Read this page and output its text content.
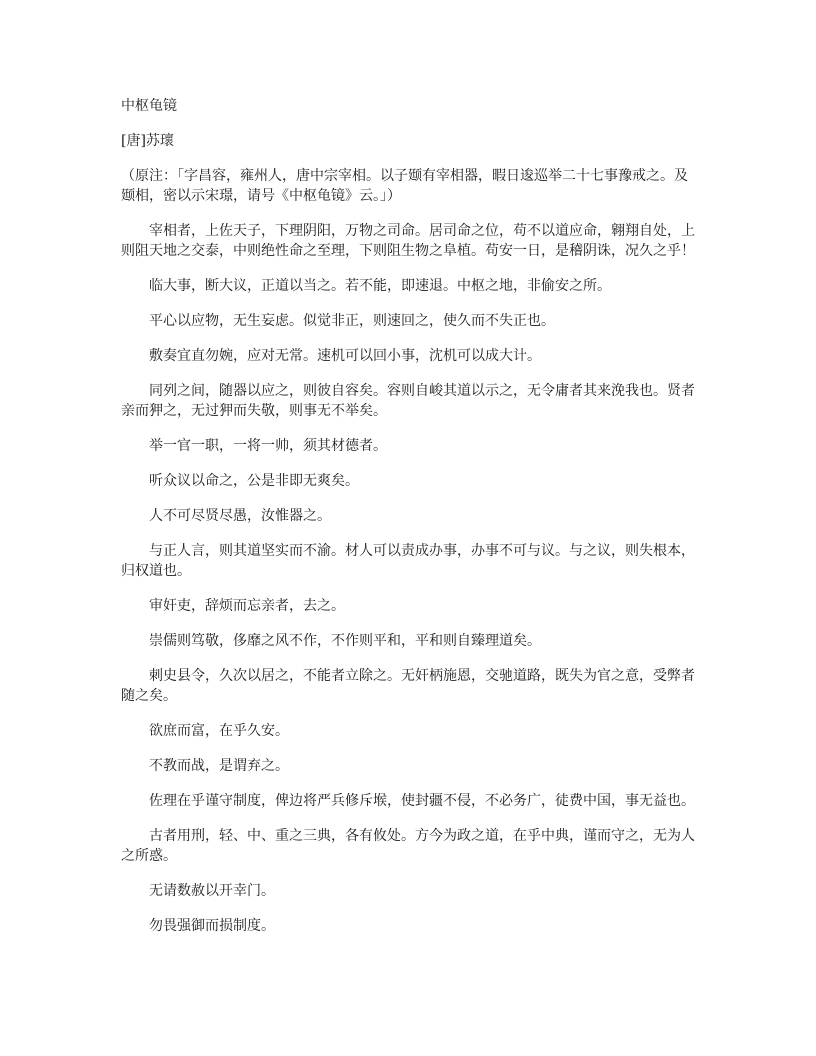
中枢龟镜

[唐]苏瓌

（原注：「字昌容，雍州人，唐中宗宰相。以子颋有宰相器，暇日逡巡举二十七事豫戒之。及颋相，密以示宋璟，请号《中枢龟镜》云。」）

宰相者，上佐天子，下理阴阳，万物之司命。居司命之位，苟不以道应命，翱翔自处，上则阻天地之交泰，中则绝性命之至理，下则阻生物之阜植。苟安一日，是稽阴诛，况久之乎！

临大事，断大议，正道以当之。若不能，即速退。中枢之地，非偷安之所。

平心以应物，无生妄虑。似觉非正，则速回之，使久而不失正也。

敷奏宜直勿婉，应对无常。速机可以回小事，沈机可以成大计。

同列之间，随器以应之，则彼自容矣。容则自峻其道以示之，无令庸者其来浼我也。贤者亲而狎之，无过狎而失敬，则事无不举矣。

举一官一职，一将一帅，须其材德者。

听众议以命之，公是非即无爽矣。

人不可尽贤尽愚，汝惟器之。

与正人言，则其道坚实而不渝。材人可以责成办事，办事不可与议。与之议，则失根本，归权道也。

审奸吏，辞烦而忘亲者，去之。

崇儒则笃敬，侈靡之风不作，不作则平和，平和则自臻理道矣。

刺史县令，久次以居之，不能者立除之。无奸柄施恩，交驰道路，既失为官之意，受弊者随之矣。

欲庶而富，在乎久安。

不教而战，是谓弃之。

佐理在乎谨守制度，俾边将严兵修斥堠，使封疆不侵，不必务广，徒费中国，事无益也。

古者用刑，轻、中、重之三典，各有攸处。方今为政之道，在乎中典，谨而守之，无为人之所惑。

无请数赦以开幸门。

勿畏强御而损制度。
